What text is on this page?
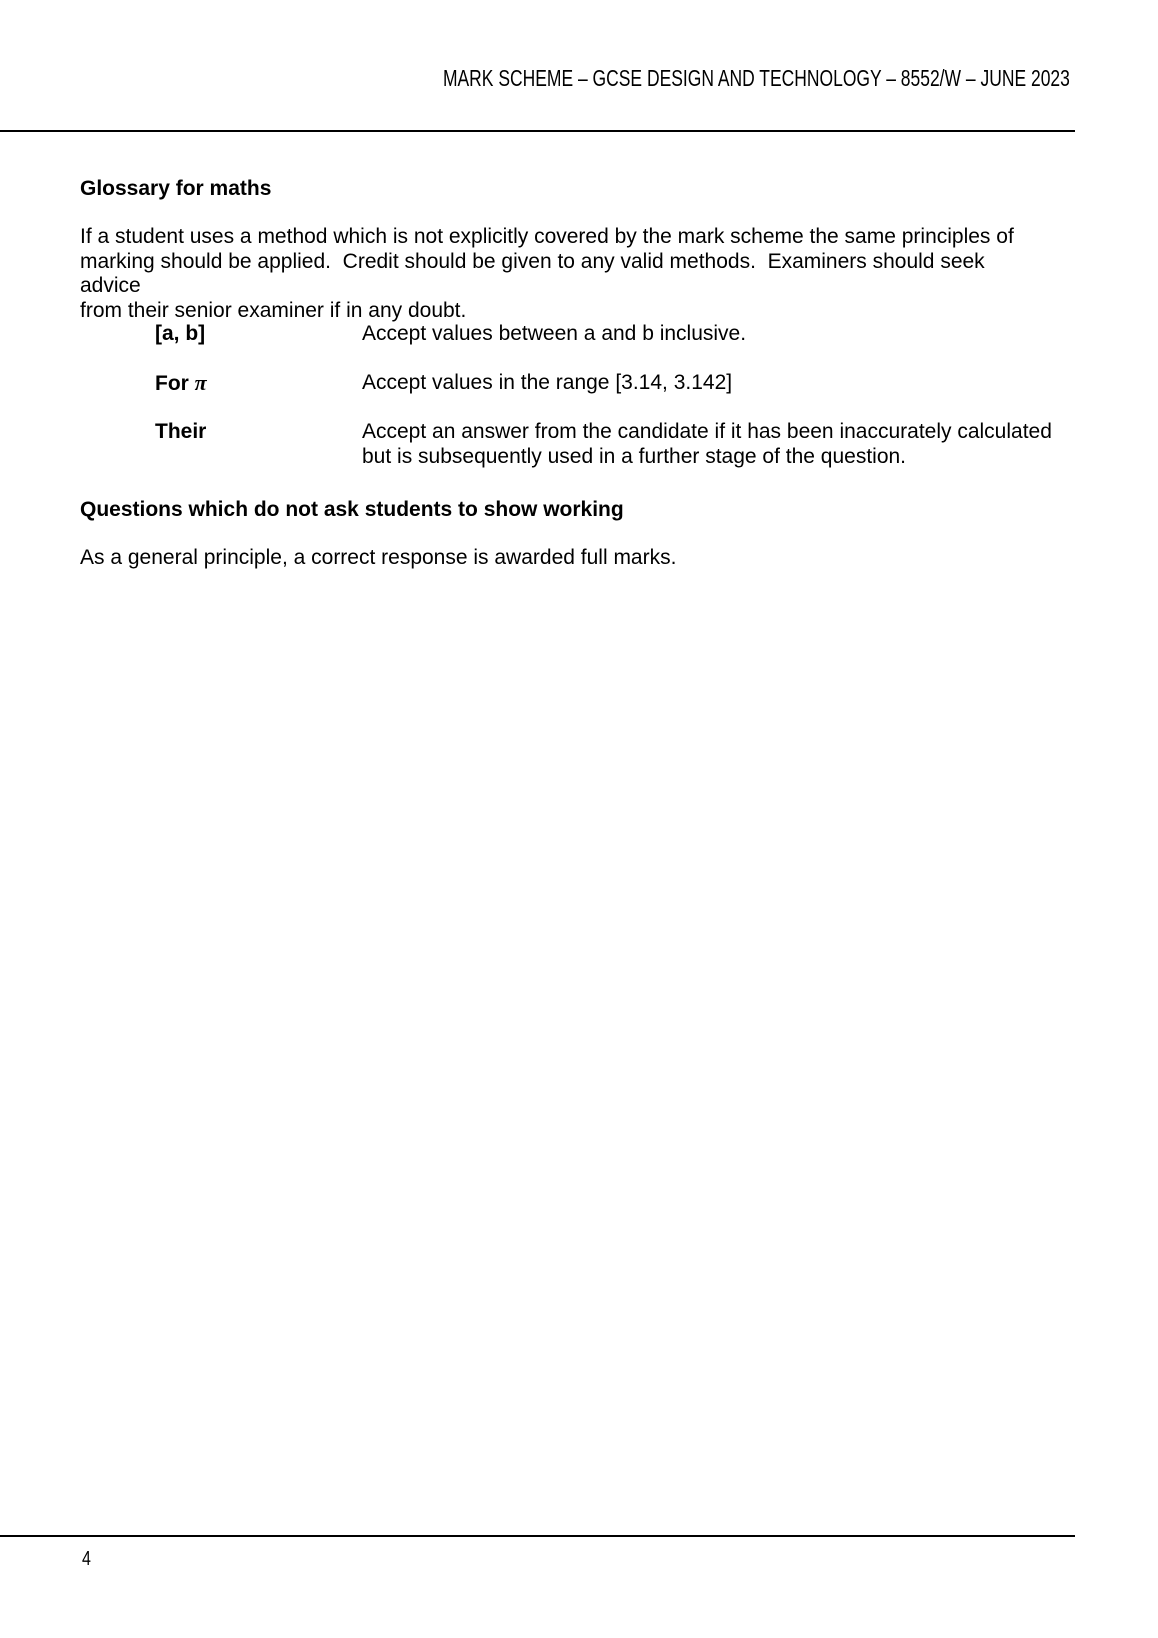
MARK SCHEME – GCSE DESIGN AND TECHNOLOGY – 8552/W – JUNE 2023
Glossary for maths
If a student uses a method which is not explicitly covered by the mark scheme the same principles of
marking should be applied.  Credit should be given to any valid methods.  Examiners should seek advice
from their senior examiner if in any doubt.
[a, b]	Accept values between a and b inclusive.
For π	Accept values in the range [3.14, 3.142]
Their	Accept an answer from the candidate if it has been inaccurately calculated
but is subsequently used in a further stage of the question.
Questions which do not ask students to show working
As a general principle, a correct response is awarded full marks.
4
